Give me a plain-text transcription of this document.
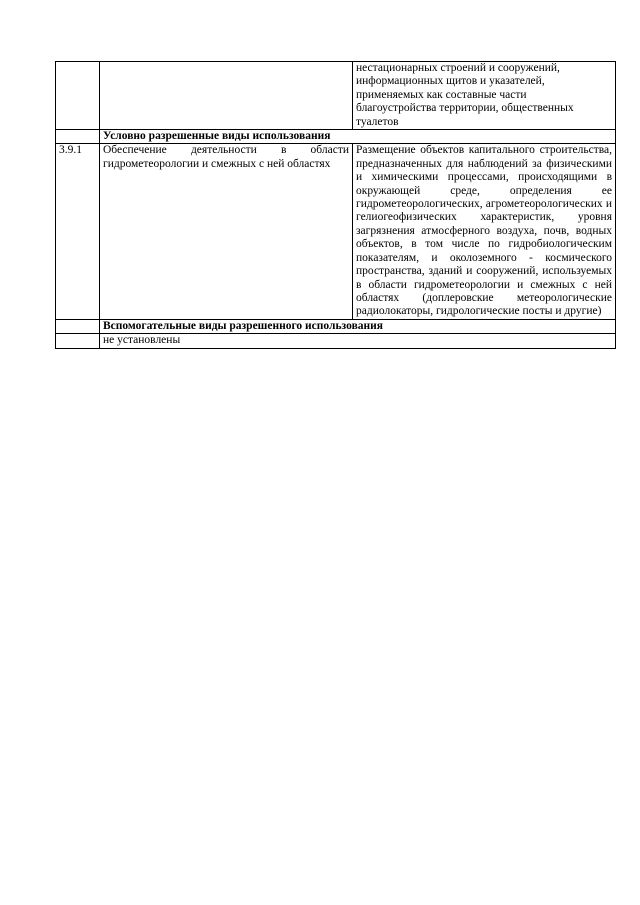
		нестационарных строений и сооружений,
информационных щитов и указателей,
применяемых как составные части
благоустройства территории, общественных
туалетов
	Условно разрешенные виды использования	
3.9.1	Обеспечение деятельности в области гидрометеорологии и смежных с ней областях	Размещение объектов капитального строительства, предназначенных для наблюдений за физическими и химическими процессами, происходящими в окружающей среде, определения ее гидрометеорологических, агрометеорологических и гелиогеофизических характеристик, уровня загрязнения атмосферного воздуха, почв, водных объектов, в том числе по гидробиологическим показателям, и околоземного - космического пространства, зданий и сооружений, используемых в области гидрометеорологии и смежных с ней областях (доплеровские метеорологические радиолокаторы, гидрологические посты и другие)
	Вспомогательные виды разрешенного использования	
	не установлены	
